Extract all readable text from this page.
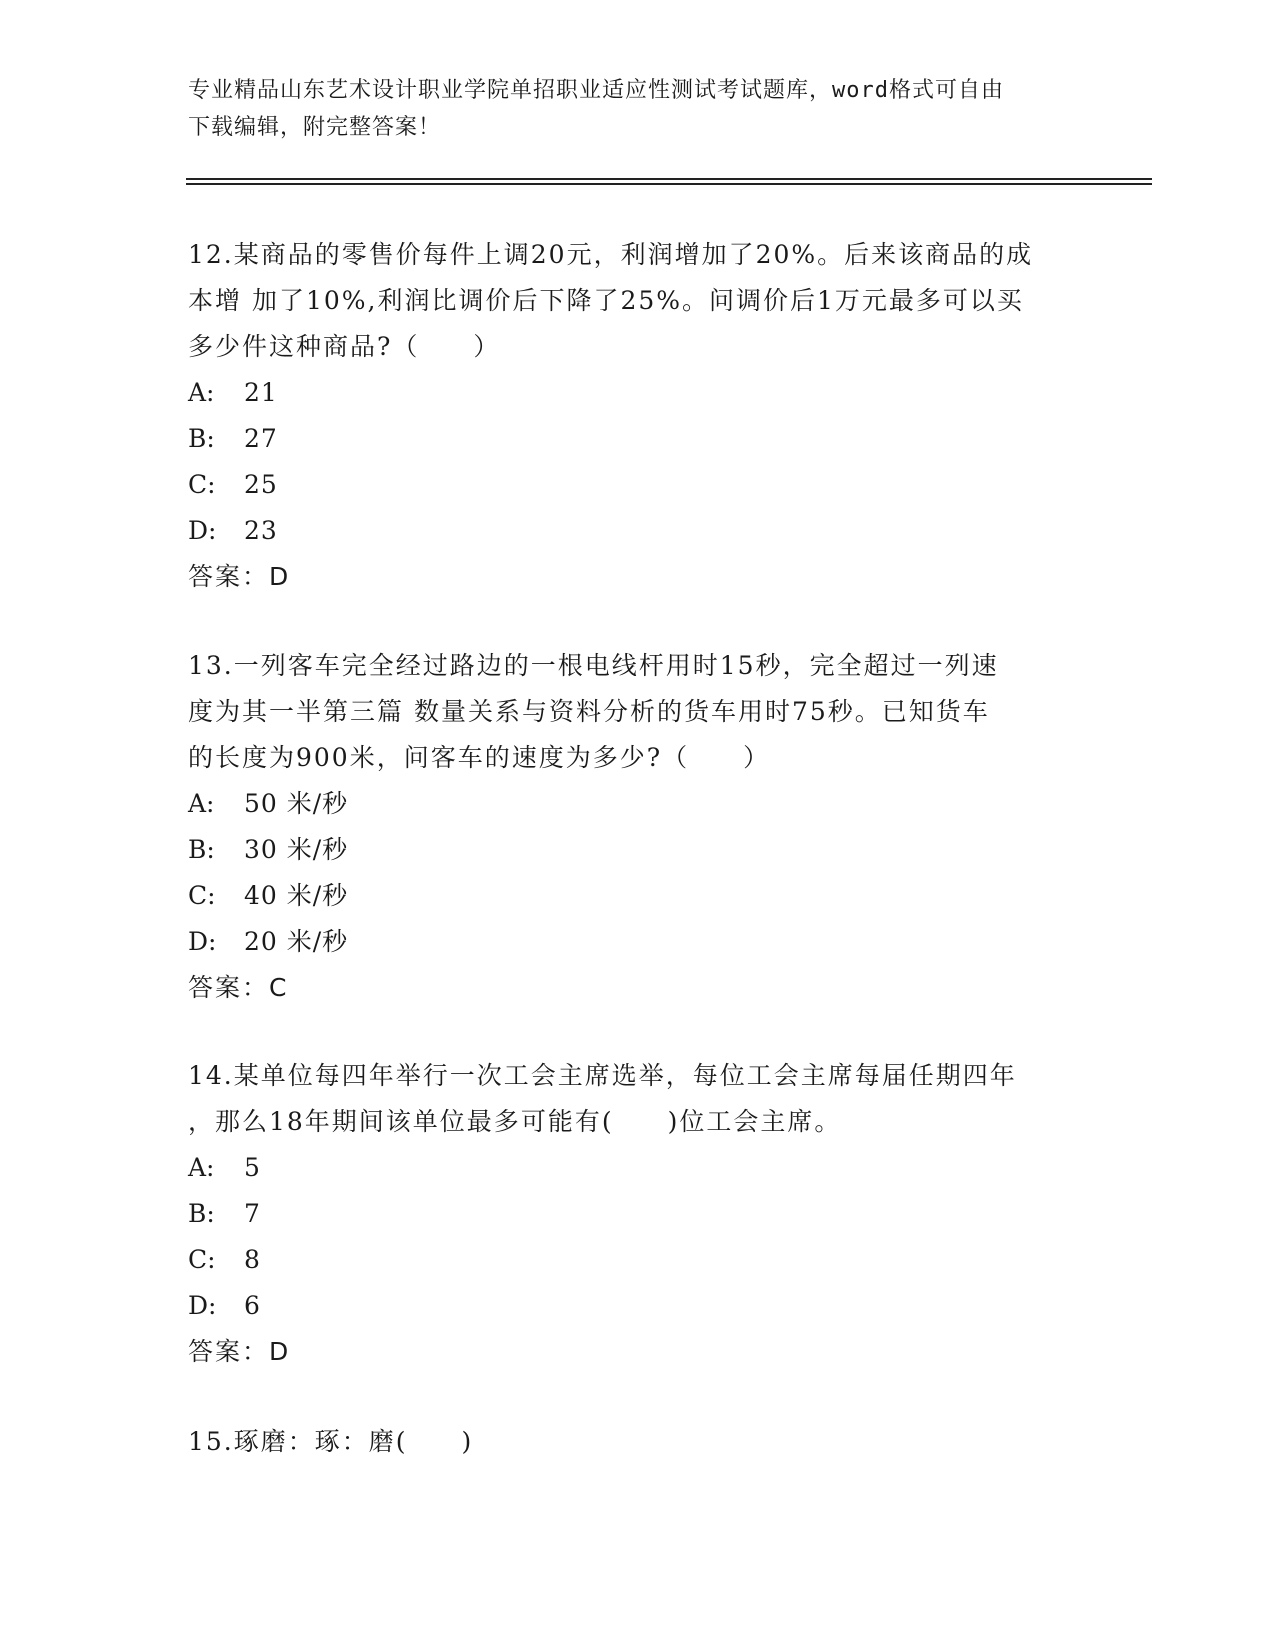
专业精品山东艺术设计职业学院单招职业适应性测试考试题库，word格式可自由
下载编辑，附完整答案！

12.某商品的零售价每件上调20元，利润增加了20%。后来该商品的成
本增 加了10%,利润比调价后下降了25%。问调价后1万元最多可以买
多少件这种商品?（　　）

A:	21
B:	27
C:	25
D:	23
答案：D

13.一列客车完全经过路边的一根电线杆用时15秒，完全超过一列速
度为其一半第三篇 数量关系与资料分析的货车用时75秒。已知货车
的长度为900米，问客车的速度为多少?（　　）

A:	50 米/秒
B:	30 米/秒
C:	40 米/秒
D:	20 米/秒
答案：C

14.某单位每四年举行一次工会主席选举，每位工会主席每届任期四年
，那么18年期间该单位最多可能有(　　)位工会主席。

A:	5
B:	7
C:	8
D:	6
答案：D

15.琢磨：琢：磨(　　)
